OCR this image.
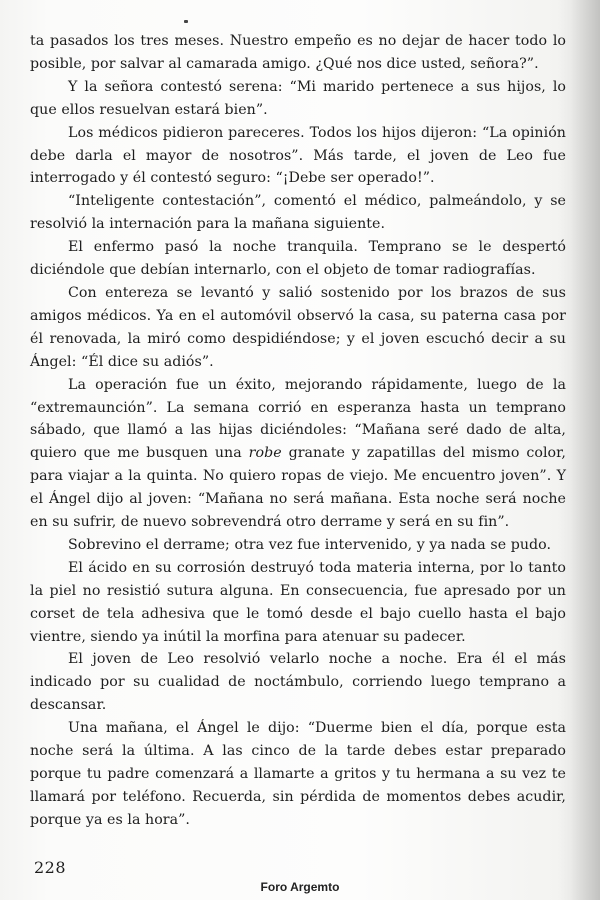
ta pasados los tres meses. Nuestro empeño es no dejar de hacer todo lo posible, por salvar al camarada amigo. ¿Qué nos dice usted, señora?”.

Y la señora contestó serena: “Mi marido pertenece a sus hijos, lo que ellos resuelvan estará bien”.

Los médicos pidieron pareceres. Todos los hijos dijeron: “La opinión debe darla el mayor de nosotros”. Más tarde, el joven de Leo fue interrogado y él contestó seguro: “¡Debe ser operado!”.

“Inteligente contestación”, comentó el médico, palmeándolo, y se resolvió la internación para la mañana siguiente.

El enfermo pasó la noche tranquila. Temprano se le despertó diciéndole que debían internarlo, con el objeto de tomar radiografías.

Con entereza se levantó y salió sostenido por los brazos de sus amigos médicos. Ya en el automóvil observó la casa, su paterna casa por él renovada, la miró como despidiéndose; y el joven escuchó decir a su Ángel: “Él dice su adiós”.

La operación fue un éxito, mejorando rápidamente, luego de la “extremaunción”. La semana corrió en esperanza hasta un temprano sábado, que llamó a las hijas diciéndoles: “Mañana seré dado de alta, quiero que me busquen una robe granate y zapatillas del mismo color, para viajar a la quinta. No quiero ropas de viejo. Me encuentro joven”. Y el Ángel dijo al joven: “Mañana no será mañana. Esta noche será noche en su sufrir, de nuevo sobrevendrá otro derrame y será en su fin”.

Sobrevino el derrame; otra vez fue intervenido, y ya nada se pudo.

El ácido en su corrosión destruyó toda materia interna, por lo tanto la piel no resistió sutura alguna. En consecuencia, fue apresado por un corset de tela adhesiva que le tomó desde el bajo cuello hasta el bajo vientre, siendo ya inútil la morfina para atenuar su padecer.

El joven de Leo resolvió velarlo noche a noche. Era él el más indicado por su cualidad de noctámbulo, corriendo luego temprano a descansar.

Una mañana, el Ángel le dijo: “Duerme bien el día, porque esta noche será la última. A las cinco de la tarde debes estar preparado porque tu padre comenzará a llamarte a gritos y tu hermana a su vez te llamará por teléfono. Recuerda, sin pérdida de momentos debes acudir, porque ya es la hora”.

228
Foro Argemto
